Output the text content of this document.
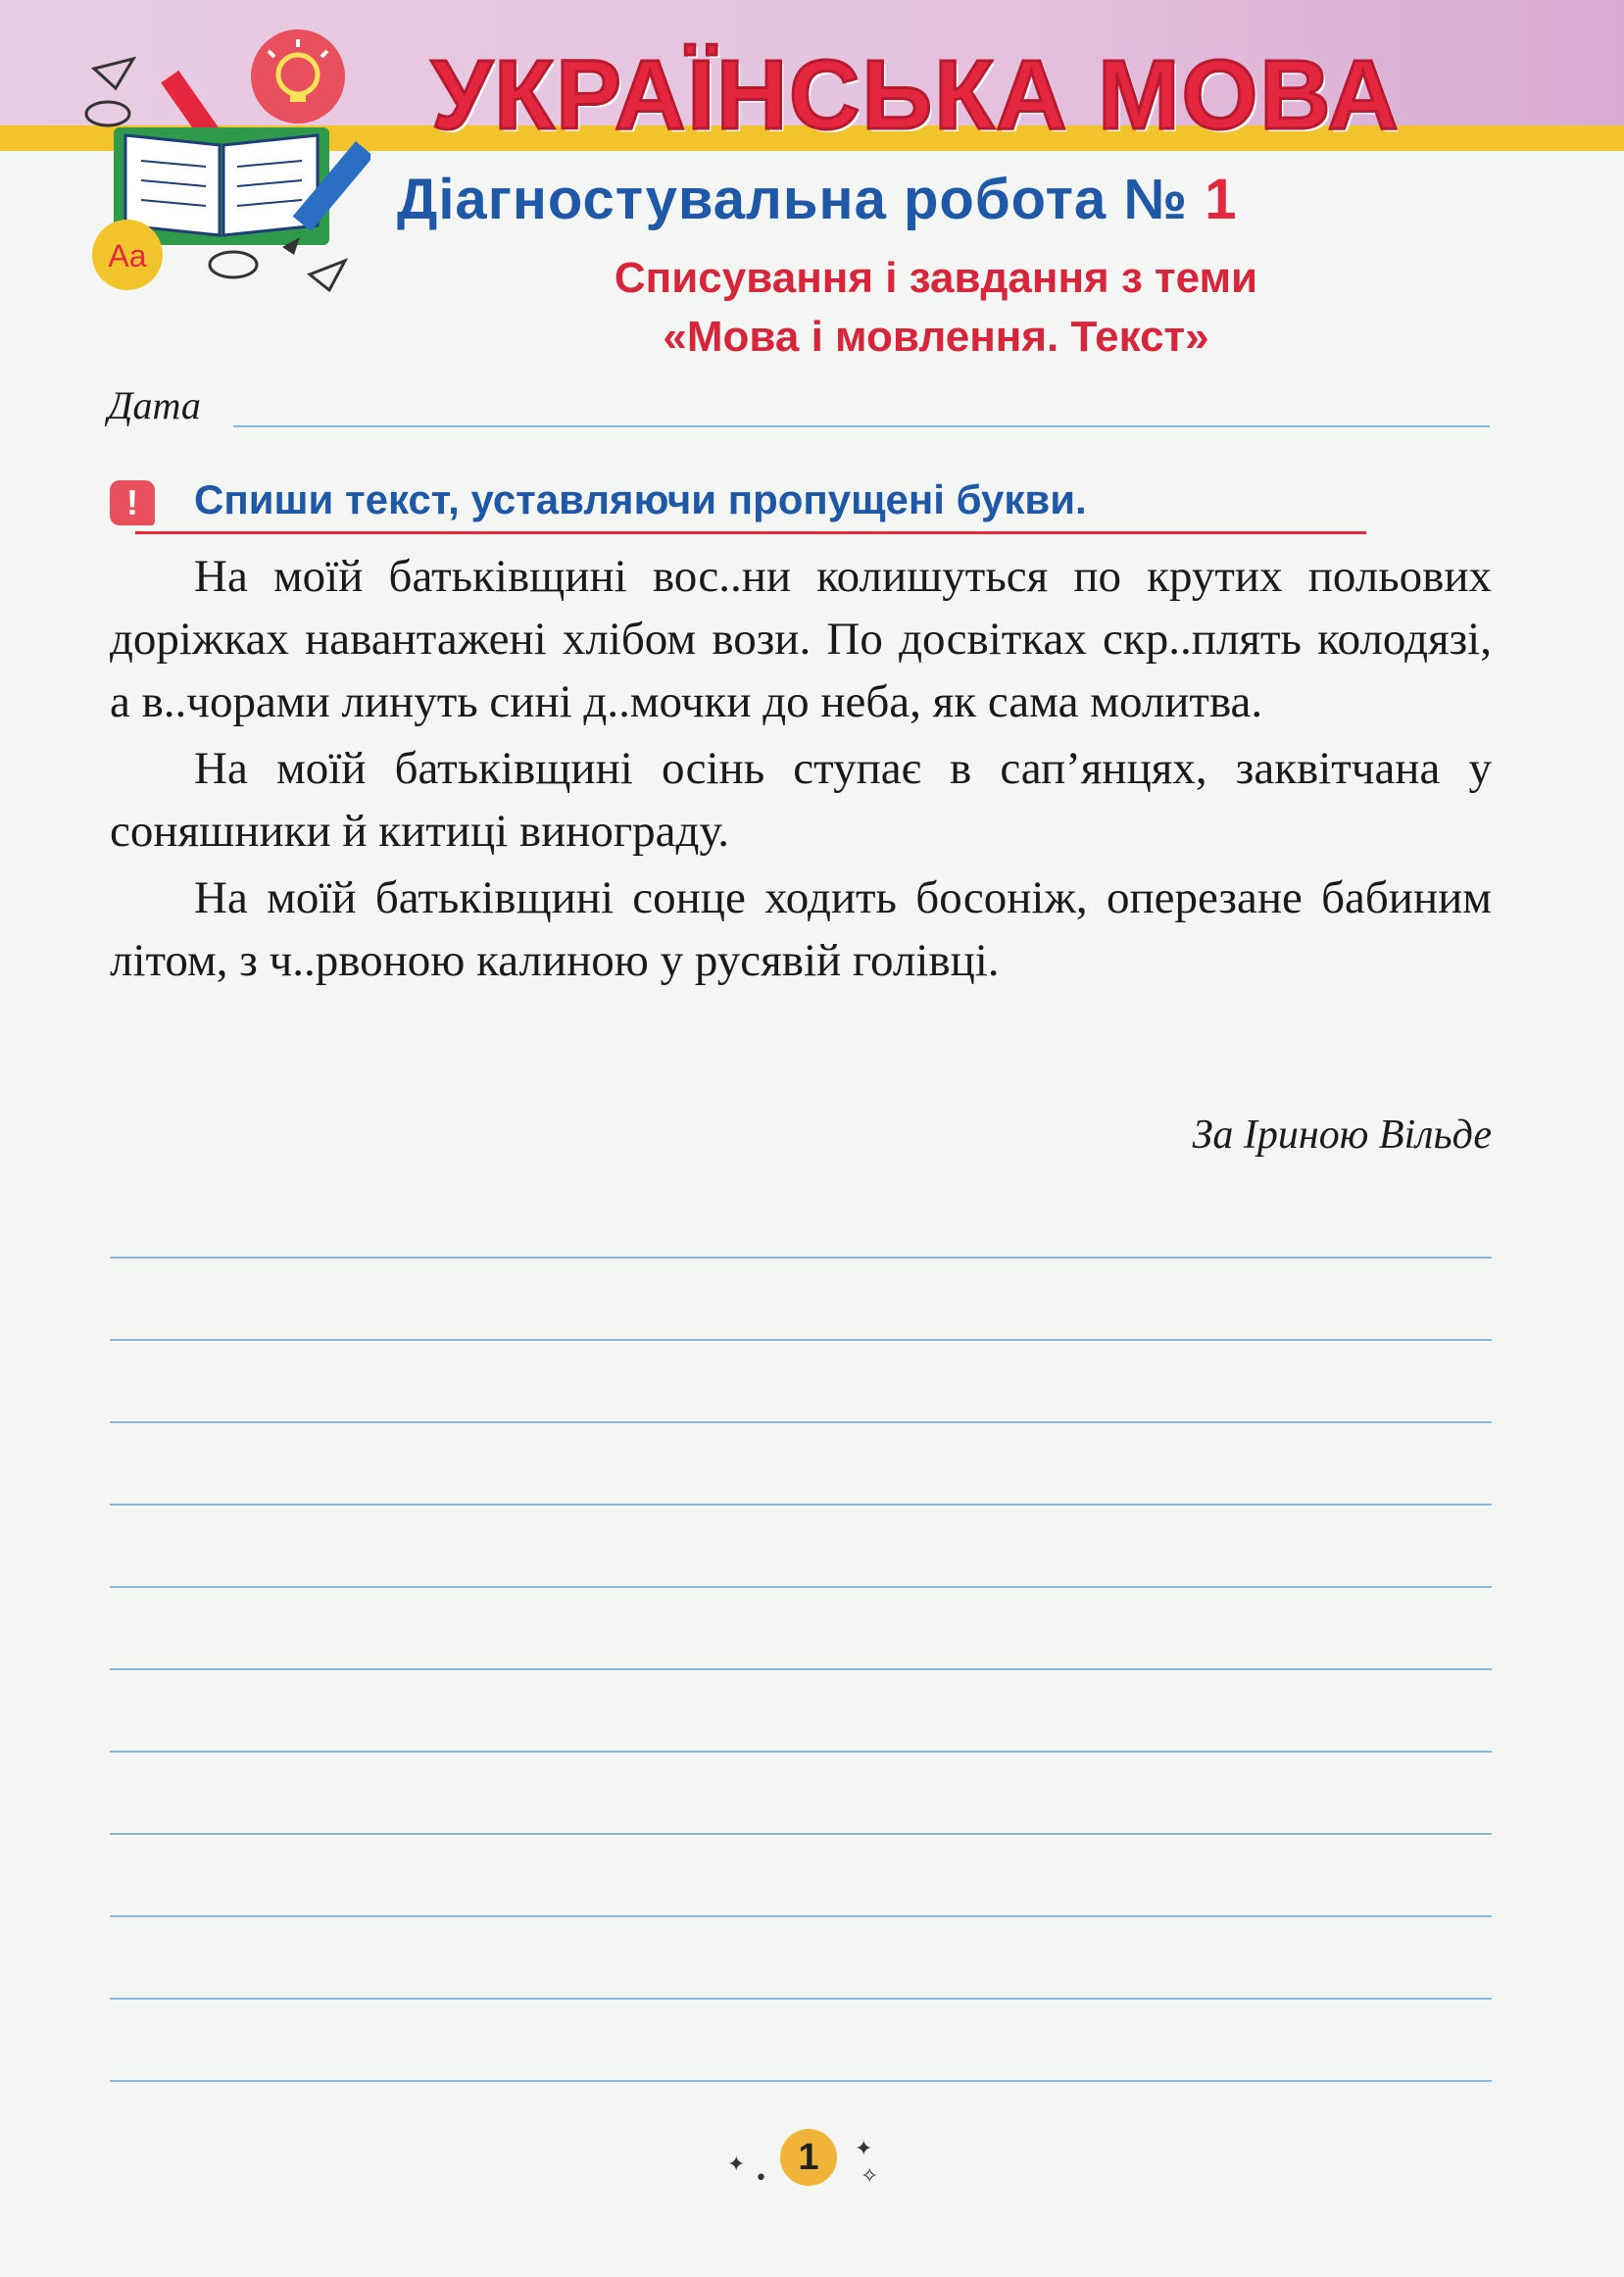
Aa
УКРАЇНСЬКА МОВА
Діагностувальна робота № 1
Списування і завдання з теми
«Мова і мовлення. Текст»
Дата
!	Спиши текст, уставляючи пропущені букви.

На моїй батьківщині вос..ни колишуться по крутих польових доріжках навантажені хлібом вози. По досвітках скр..плять колодязі, а в..чорами линуть сині д..мочки до неба, як сама молитва.

На моїй батьківщині осінь ступає в сап’янцях, заквітчана у соняшники й китиці винограду.

На моїй батьківщині сонце ходить босоніж, оперезане бабиним літом, з ч..рвоною калиною у русявій голівці.

За Іриною Вільде
✦
•
1	✦
✧
